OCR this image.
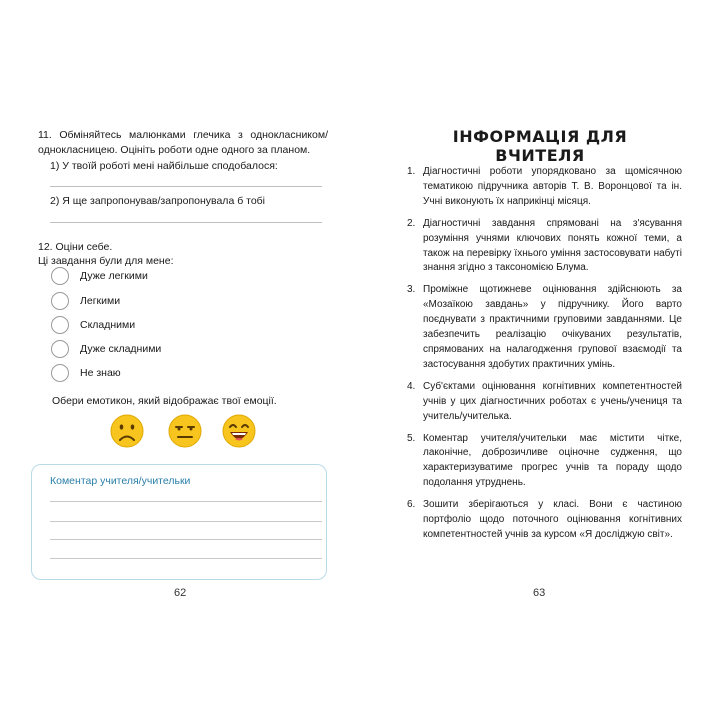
11. Обміняйтесь малюнками глечика з однокласником/однокласницею. Оцініть роботи одне одного за планом.
1) У твоїй роботі мені найбільше сподобалося:
2) Я ще запропонував/запропонувала б тобі
12. Оціни себе.
Ці завдання були для мене:
Дуже легкими
Легкими
Складними
Дуже складними
Не знаю
Обери емотикон, який відображає твої емоції.
Коментар учителя/учительки
62
ІНФОРМАЦІЯ ДЛЯ ВЧИТЕЛЯ
1. Діагностичні роботи упорядковано за щомісячною тематикою підручника авторів Т. В. Воронцової та ін. Учні виконують їх наприкінці місяця.
2. Діагностичні завдання спрямовані на з'ясування розуміння учнями ключових понять кожної теми, а також на перевірку їхнього уміння застосовувати набуті знання згідно з таксономією Блума.
3. Проміжне щотижневе оцінювання здійснюють за «Мозаїкою завдань» у підручнику. Його варто поєднувати з практичними груповими завданнями. Це забезпечить реалізацію очікуваних результатів, спрямованих на налагодження групової взаємодії та застосування здобутих практичних умінь.
4. Суб'єктами оцінювання когнітивних компетентностей учнів у цих діагностичних роботах є учень/учениця та учитель/учителька.
5. Коментар учителя/учительки має містити чітке, лаконічне, доброзичливе оціночне судження, що характеризуватиме прогрес учнів та пораду щодо подолання утруднень.
6. Зошити зберігаються у класі. Вони є частиною портфоліо щодо поточного оцінювання когнітивних компетентностей учнів за курсом «Я досліджую світ».
63
